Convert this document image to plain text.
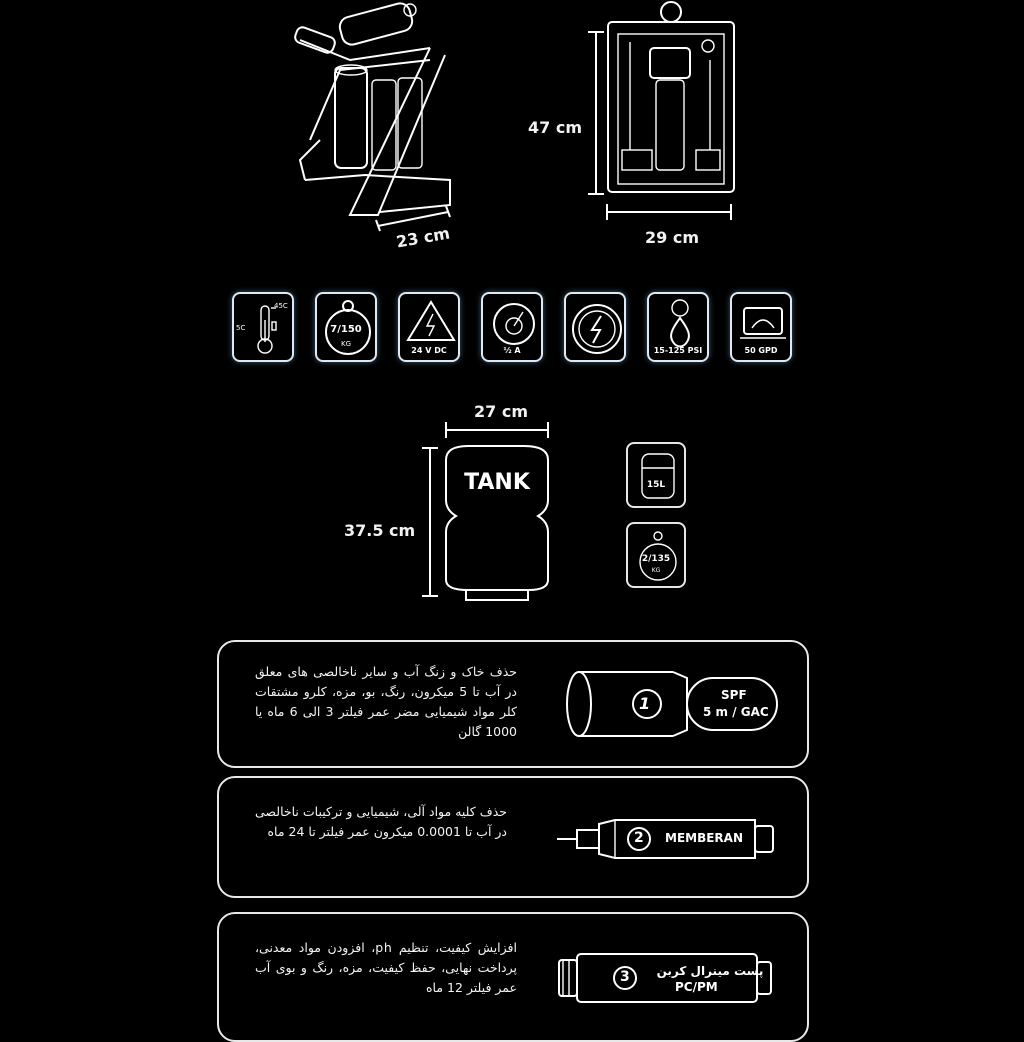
23 cm
47 cm
29 cm
45C
5C	7/150
KG
24 V DC	½ A	15-125 PSI	50 GPD
27 cm
37.5 cm
TANK	15L
2/135
KG
حذف خاک و زنگ آب و سایر ناخالصی های معلق در آب تا 5 میکرون، رنگ، بو، مزه، کلرو مشتقات کلر مواد شیمیایی مضر عمر فیلتر 3 الی 6 ماه یا 1000 گالن
1	SPF
5 m / GAC
حذف کلیه مواد آلی، شیمیایی و ترکیبات ناخالصی در آب تا 0.0001 میکرون عمر فیلتر تا 24 ماه	2 MEMBERAN
افزایش کیفیت، تنظیم ph، افزودن مواد معدنی، پرداخت نهایی، حفظ کیفیت، مزه، رنگ و بوی آب عمر فیلتر 12 ماه
3 پست مینرال کربن
PC/PM
